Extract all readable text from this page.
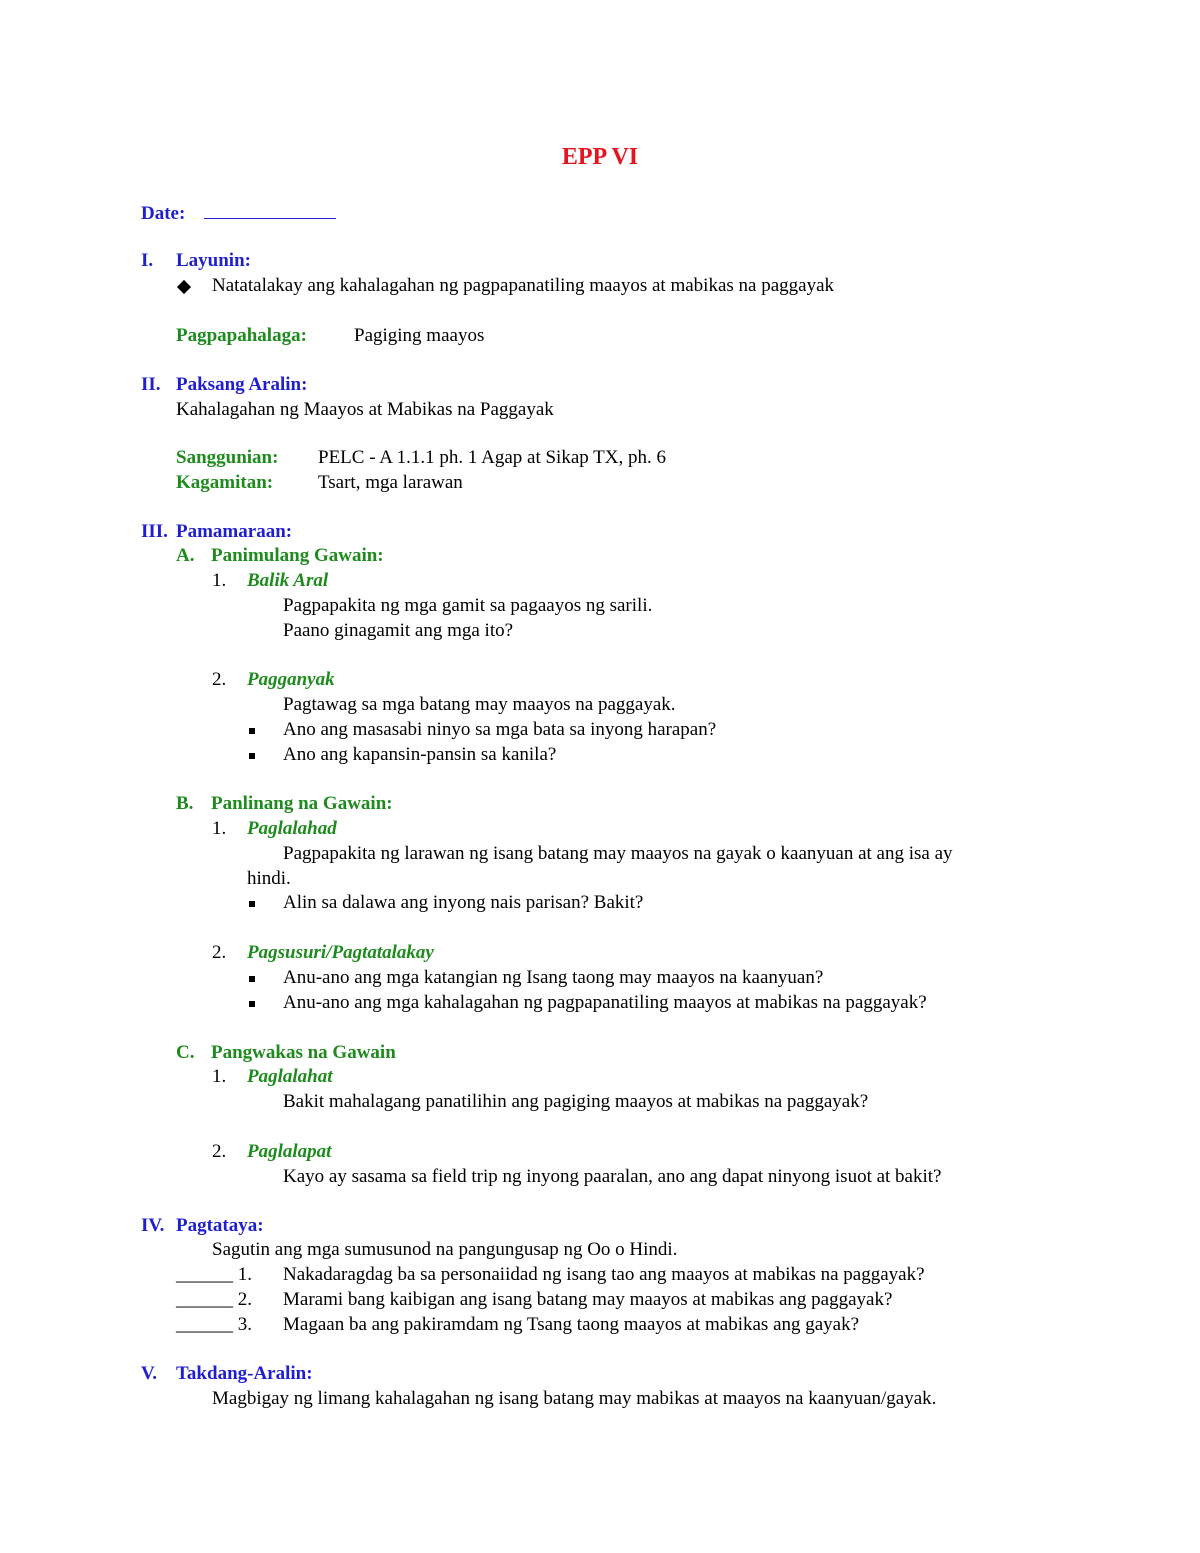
EPP VI
Date:
I. Layunin:
Natatalakay ang kahalagahan ng pagpapanatiling maayos at mabikas na paggayak
Pagpapahalaga: Pagiging maayos
II. Paksang Aralin:
Kahalagahan ng Maayos at Mabikas na Paggayak
Sanggunian: PELC - A 1.1.1 ph. 1 Agap at Sikap TX, ph. 6
Kagamitan: Tsart, mga larawan
III. Pamamaraan:
A. Panimulang Gawain:
1. Balik Aral
Pagpapakita ng mga gamit sa pagaayos ng sarili.
Paano ginagamit ang mga ito?
2. Pagganyak
Pagtawag sa mga batang may maayos na paggayak.
Ano ang masasabi ninyo sa mga bata sa inyong harapan?
Ano ang kapansin-pansin sa kanila?
B. Panlinang na Gawain:
1. Paglalahad
Pagpapakita ng larawan ng isang batang may maayos na gayak o kaanyuan at ang isa ay
hindi.
Alin sa dalawa ang inyong nais parisan? Bakit?
2. Pagsusuri/Pagtatalakay
Anu-ano ang mga katangian ng Isang taong may maayos na kaanyuan?
Anu-ano ang mga kahalagahan ng pagpapanatiling maayos at mabikas na paggayak?
C. Pangwakas na Gawain
1. Paglalahat
Bakit mahalagang panatilihin ang pagiging maayos at mabikas na paggayak?
2. Paglalapat
Kayo ay sasama sa field trip ng inyong paaralan, ano ang dapat ninyong isuot at bakit?
IV. Pagtataya:
Sagutin ang mga sumusunod na pangungusap ng Oo o Hindi.
______ 1. Nakadaragdag ba sa personaiidad ng isang tao ang maayos at mabikas na paggayak?
______ 2. Marami bang kaibigan ang isang batang may maayos at mabikas ang paggayak?
______ 3. Magaan ba ang pakiramdam ng Tsang taong maayos at mabikas ang gayak?
V. Takdang-Aralin:
Magbigay ng limang kahalagahan ng isang batang may mabikas at maayos na kaanyuan/gayak.
